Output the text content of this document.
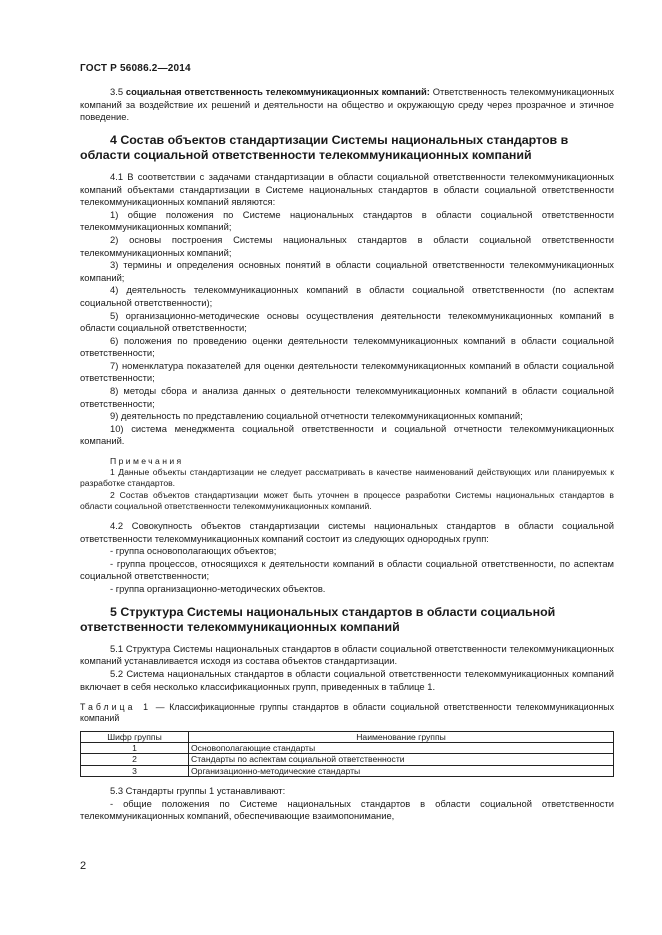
ГОСТ Р 56086.2—2014

3.5 социальная ответственность телекоммуникационных компаний: Ответственность телекоммуникационных компаний за воздействие их решений и деятельности на общество и окружающую среду через прозрачное и этичное поведение.

4 Состав объектов стандартизации Системы национальных стандартов в области социальной ответственности телекоммуникационных компаний

4.1 В соответствии с задачами стандартизации в области социальной ответственности телекоммуникационных компаний объектами стандартизации в Системе национальных стандартов в области социальной ответственности телекоммуникационных компаний являются:

1) общие положения по Системе национальных стандартов в области социальной ответственности телекоммуникационных компаний;

2) основы построения Системы национальных стандартов в области социальной ответственности телекоммуникационных компаний;

3) термины и определения основных понятий в области социальной ответственности телекоммуникационных компаний;

4) деятельность телекоммуникационных компаний в области социальной ответственности (по аспектам социальной ответственности);

5) организационно-методические основы осуществления деятельности телекоммуникационных компаний в области социальной ответственности;

6) положения по проведению оценки деятельности телекоммуникационных компаний в области социальной ответственности;

7) номенклатура показателей для оценки деятельности телекоммуникационных компаний в области социальной ответственности;

8) методы сбора и анализа данных о деятельности телекоммуникационных компаний в области социальной ответственности;

9) деятельность по представлению социальной отчетности телекоммуникационных компаний;

10) система менеджмента социальной ответственности и социальной отчетности телекоммуникационных компаний.

Примечания

1 Данные объекты стандартизации не следует рассматривать в качестве наименований действующих или планируемых к разработке стандартов.

2 Состав объектов стандартизации может быть уточнен в процессе разработки Системы национальных стандартов в области социальной ответственности телекоммуникационных компаний.

4.2 Совокупность объектов стандартизации системы национальных стандартов в области социальной ответственности телекоммуникационных компаний состоит из следующих однородных групп:

- группа основополагающих объектов;

- группа процессов, относящихся к деятельности компаний в области социальной ответственности, по аспектам социальной ответственности;

- группа организационно-методических объектов.

5 Структура Системы национальных стандартов в области социальной ответственности телекоммуникационных компаний

5.1 Структура Системы национальных стандартов в области социальной ответственности телекоммуникационных компаний устанавливается исходя из состава объектов стандартизации.

5.2 Система национальных стандартов в области социальной ответственности телекоммуникационных компаний включает в себя несколько классификационных групп, приведенных в таблице 1.

Таблица 1 — Классификационные группы стандартов в области социальной ответственности телекоммуникационных компаний

Шифр группы	Наименование группы
1	Основополагающие стандарты
2	Стандарты по аспектам социальной ответственности
3	Организационно-методические стандарты

5.3 Стандарты группы 1 устанавливают:

- общие положения по Системе национальных стандартов в области социальной ответственности телекоммуникационных компаний, обеспечивающие взаимопонимание,

2
